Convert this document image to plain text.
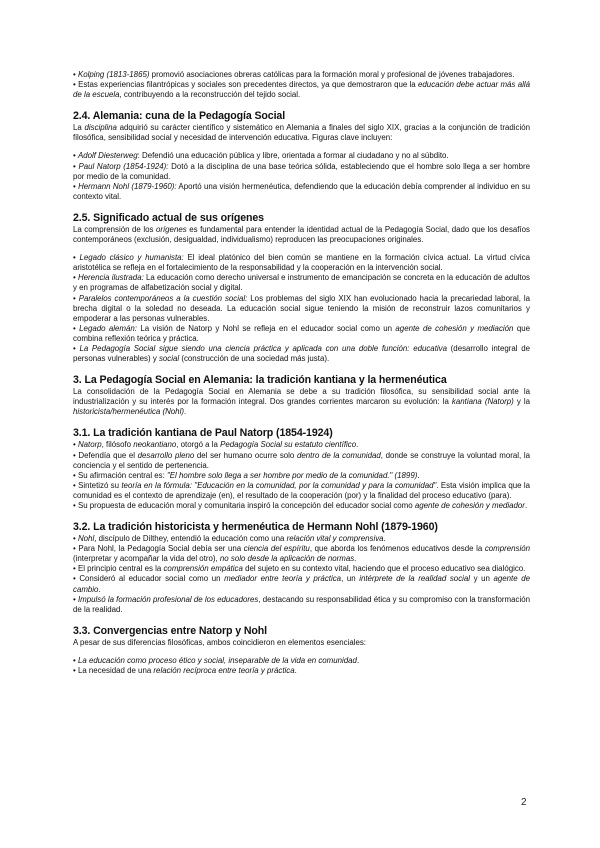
• Kolping (1813-1865) promovió asociaciones obreras católicas para la formación moral y profesional de jóvenes trabajadores.

• Estas experiencias filantrópicas y sociales son precedentes directos, ya que demostraron que la educación debe actuar más allá de la escuela, contribuyendo a la reconstrucción del tejido social.

2.4. Alemania: cuna de la Pedagogía Social

La disciplina adquirió su carácter científico y sistemático en Alemania a finales del siglo XIX, gracias a la conjunción de tradición filosófica, sensibilidad social y necesidad de intervención educativa. Figuras clave incluyen:

• Adolf Diesterweg: Defendió una educación pública y libre, orientada a formar al ciudadano y no al súbdito.

• Paul Natorp (1854-1924): Dotó a la disciplina de una base teórica sólida, estableciendo que el hombre solo llega a ser hombre por medio de la comunidad.

• Hermann Nohl (1879-1960): Aportó una visión hermenéutica, defendiendo que la educación debía comprender al individuo en su contexto vital.

2.5. Significado actual de sus orígenes

La comprensión de los orígenes es fundamental para entender la identidad actual de la Pedagogía Social, dado que los desafíos contemporáneos (exclusión, desigualdad, individualismo) reproducen las preocupaciones originales.

• Legado clásico y humanista: El ideal platónico del bien común se mantiene en la formación cívica actual. La virtud cívica aristotélica se refleja en el fortalecimiento de la responsabilidad y la cooperación en la intervención social.

• Herencia ilustrada: La educación como derecho universal e instrumento de emancipación se concreta en la educación de adultos y en programas de alfabetización social y digital.

• Paralelos contemporáneos a la cuestión social: Los problemas del siglo XIX han evolucionado hacia la precariedad laboral, la brecha digital o la soledad no deseada. La educación social sigue teniendo la misión de reconstruir lazos comunitarios y empoderar a las personas vulnerables.

• Legado alemán: La visión de Natorp y Nohl se refleja en el educador social como un agente de cohesión y mediación que combina reflexión teórica y práctica.

• La Pedagogía Social sigue siendo una ciencia práctica y aplicada con una doble función: educativa (desarrollo integral de personas vulnerables) y social (construcción de una sociedad más justa).

3. La Pedagogía Social en Alemania: la tradición kantiana y la hermenéutica

La consolidación de la Pedagogía Social en Alemania se debe a su tradición filosófica, su sensibilidad social ante la industrialización y su interés por la formación integral. Dos grandes corrientes marcaron su evolución: la kantiana (Natorp) y la historicista/hermenéutica (Nohl).

3.1. La tradición kantiana de Paul Natorp (1854-1924)

• Natorp, filósofo neokantiano, otorgó a la Pedagogía Social su estatuto científico.

• Defendía que el desarrollo pleno del ser humano ocurre solo dentro de la comunidad, donde se construye la voluntad moral, la conciencia y el sentido de pertenencia.

• Su afirmación central es: "El hombre solo llega a ser hombre por medio de la comunidad." (1899).

• Sintetizó su teoría en la fórmula: "Educación en la comunidad, por la comunidad y para la comunidad". Esta visión implica que la comunidad es el contexto de aprendizaje (en), el resultado de la cooperación (por) y la finalidad del proceso educativo (para).

• Su propuesta de educación moral y comunitaria inspiró la concepción del educador social como agente de cohesión y mediador.

3.2. La tradición historicista y hermenéutica de Hermann Nohl (1879-1960)

• Nohl, discípulo de Dilthey, entendió la educación como una relación vital y comprensiva.

• Para Nohl, la Pedagogía Social debía ser una ciencia del espíritu, que aborda los fenómenos educativos desde la comprensión (interpretar y acompañar la vida del otro), no solo desde la aplicación de normas.

• El principio central es la comprensión empática del sujeto en su contexto vital, haciendo que el proceso educativo sea dialógico.

• Consideró al educador social como un mediador entre teoría y práctica, un intérprete de la realidad social y un agente de cambio.

• Impulsó la formación profesional de los educadores, destacando su responsabilidad ética y su compromiso con la transformación de la realidad.

3.3. Convergencias entre Natorp y Nohl

A pesar de sus diferencias filosóficas, ambos coincidieron en elementos esenciales:

• La educación como proceso ético y social, inseparable de la vida en comunidad.

• La necesidad de una relación recíproca entre teoría y práctica.

2
